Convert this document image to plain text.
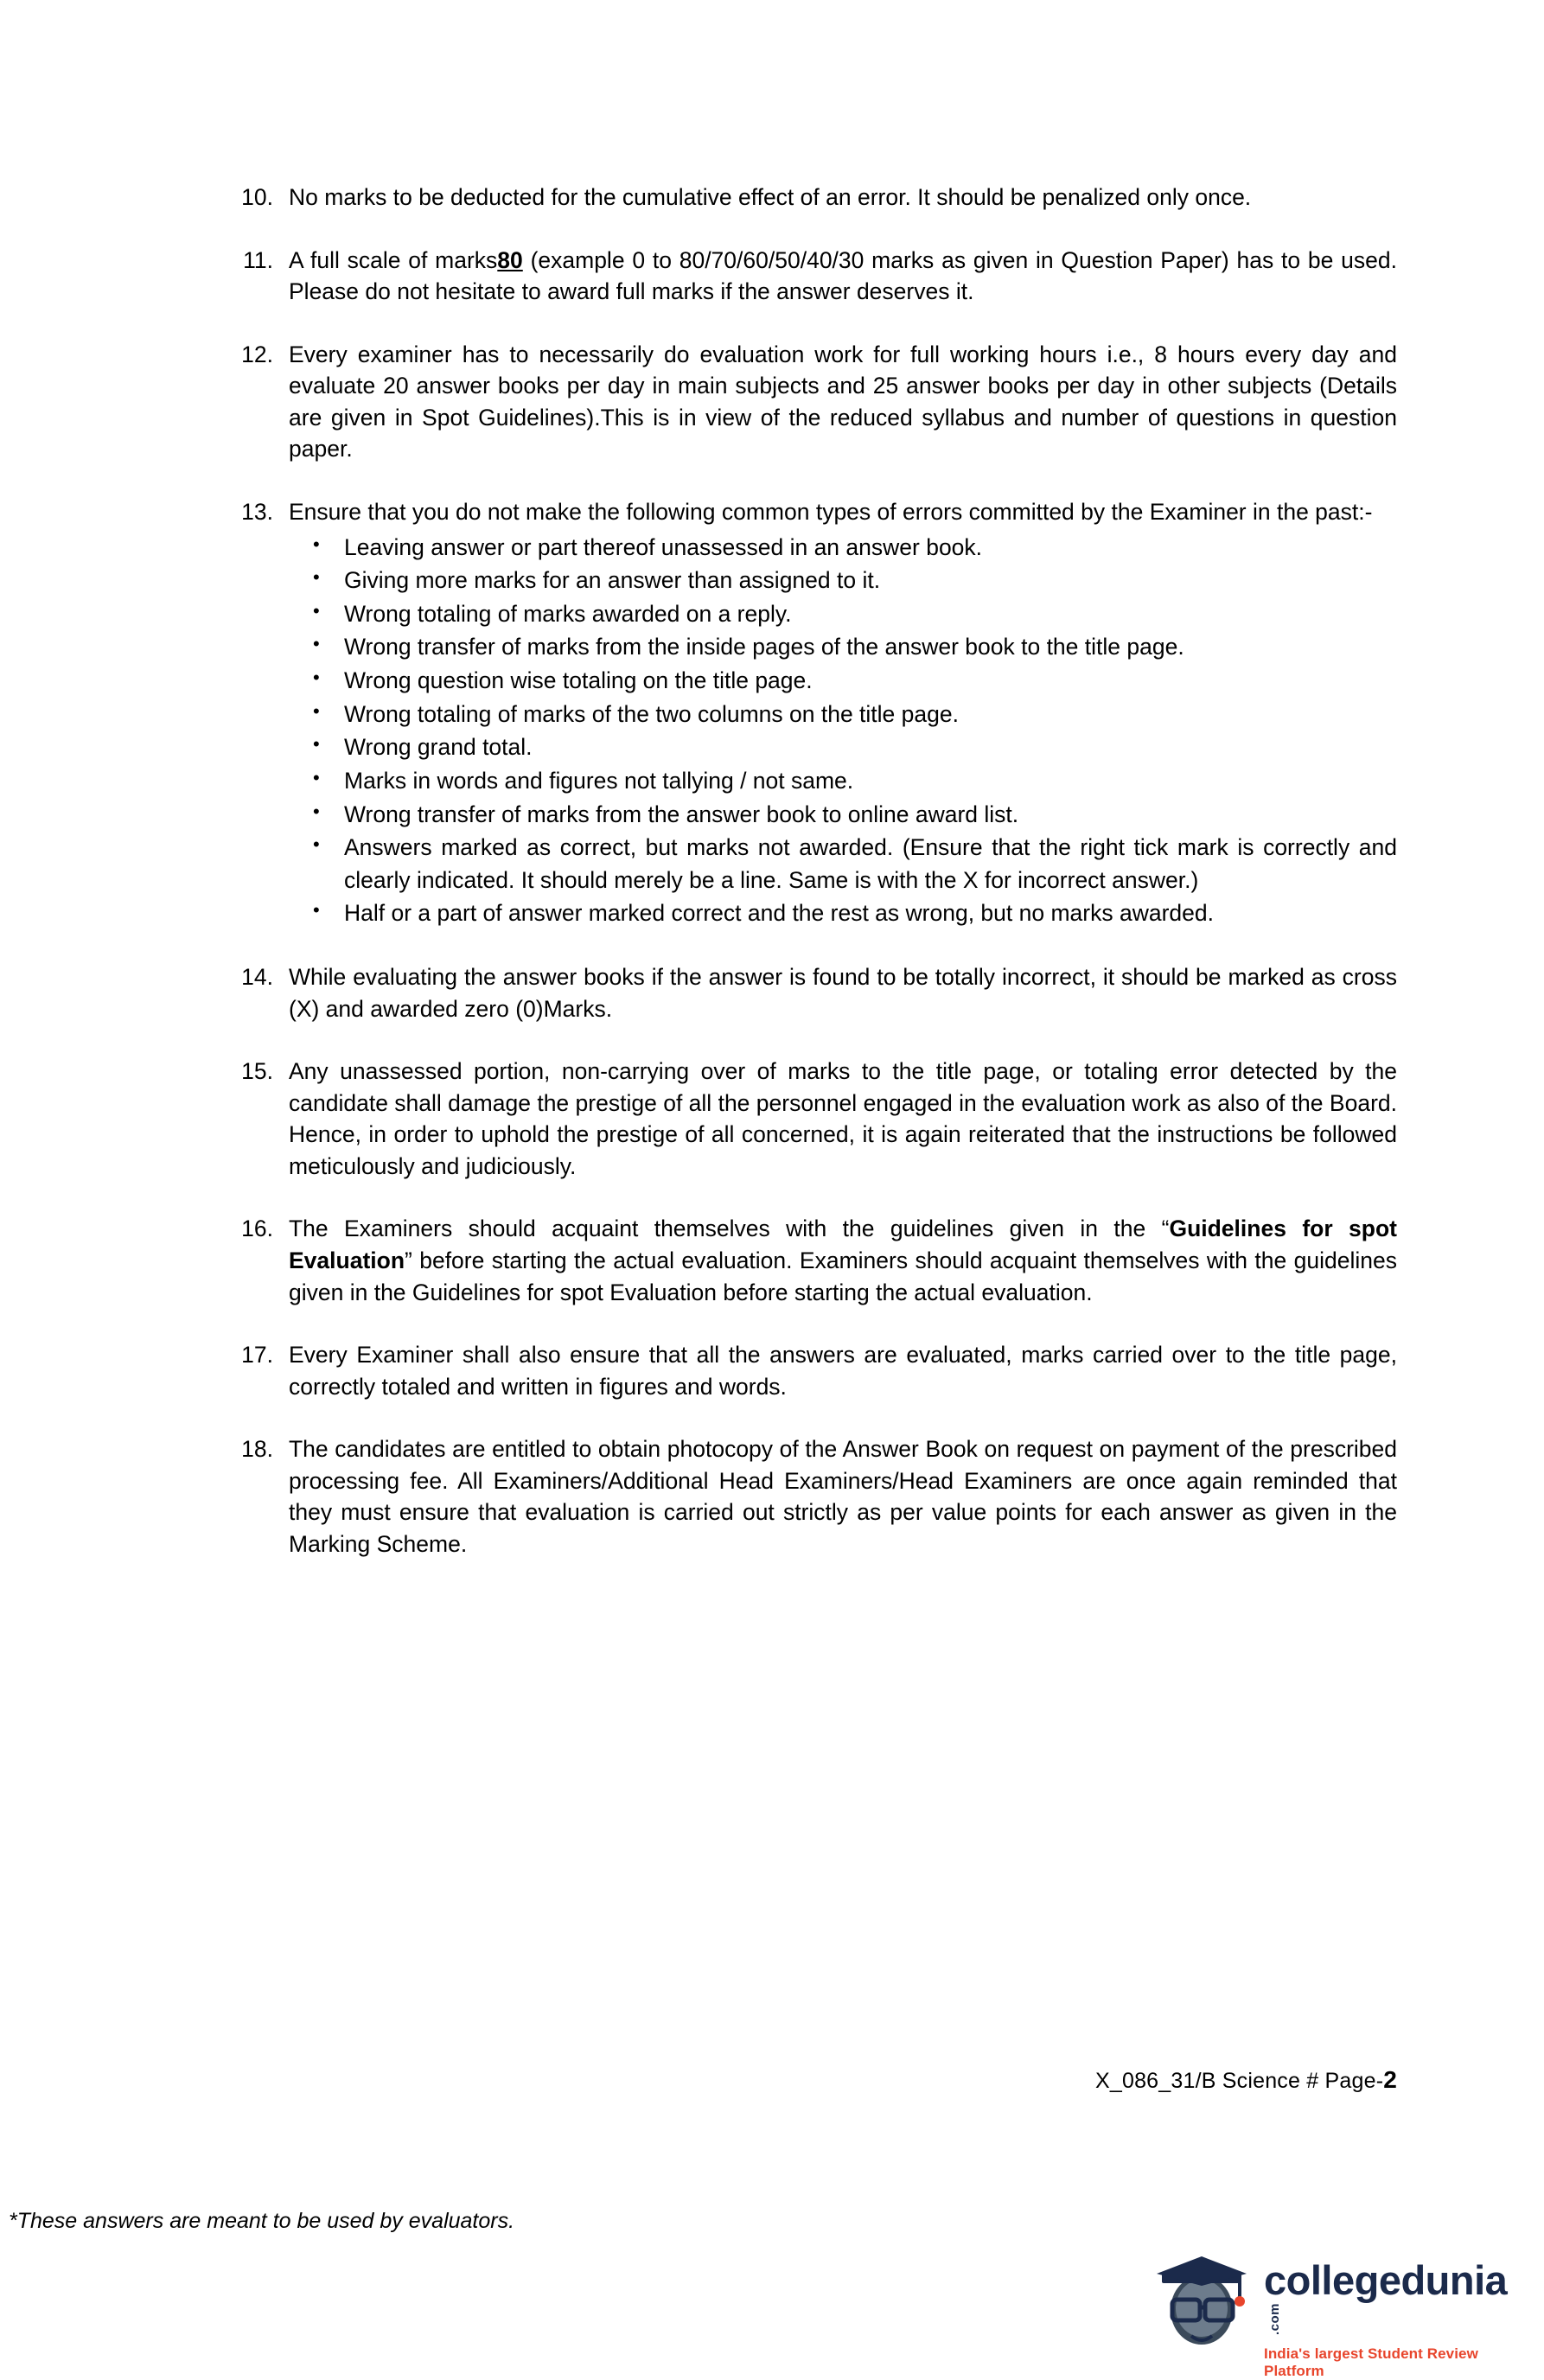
10. No marks to be deducted for the cumulative effect of an error. It should be penalized only once.
11. A full scale of marks80 (example 0 to 80/70/60/50/40/30 marks as given in Question Paper) has to be used. Please do not hesitate to award full marks if the answer deserves it.
12. Every examiner has to necessarily do evaluation work for full working hours i.e., 8 hours every day and evaluate 20 answer books per day in main subjects and 25 answer books per day in other subjects (Details are given in Spot Guidelines).This is in view of the reduced syllabus and number of questions in question paper.
13. Ensure that you do not make the following common types of errors committed by the Examiner in the past:-
• Leaving answer or part thereof unassessed in an answer book.
• Giving more marks for an answer than assigned to it.
• Wrong totaling of marks awarded on a reply.
• Wrong transfer of marks from the inside pages of the answer book to the title page.
• Wrong question wise totaling on the title page.
• Wrong totaling of marks of the two columns on the title page.
• Wrong grand total.
• Marks in words and figures not tallying / not same.
• Wrong transfer of marks from the answer book to online award list.
• Answers marked as correct, but marks not awarded. (Ensure that the right tick mark is correctly and clearly indicated. It should merely be a line. Same is with the X for incorrect answer.)
• Half or a part of answer marked correct and the rest as wrong, but no marks awarded.
14. While evaluating the answer books if the answer is found to be totally incorrect, it should be marked as cross (X) and awarded zero (0)Marks.
15. Any unassessed portion, non-carrying over of marks to the title page, or totaling error detected by the candidate shall damage the prestige of all the personnel engaged in the evaluation work as also of the Board. Hence, in order to uphold the prestige of all concerned, it is again reiterated that the instructions be followed meticulously and judiciously.
16. The Examiners should acquaint themselves with the guidelines given in the “Guidelines for spot Evaluation” before starting the actual evaluation. Examiners should acquaint themselves with the guidelines given in the Guidelines for spot Evaluation before starting the actual evaluation.
17. Every Examiner shall also ensure that all the answers are evaluated, marks carried over to the title page, correctly totaled and written in figures and words.
18. The candidates are entitled to obtain photocopy of the Answer Book on request on payment of the prescribed processing fee. All Examiners/Additional Head Examiners/Head Examiners are once again reminded that they must ensure that evaluation is carried out strictly as per value points for each answer as given in the Marking Scheme.
X_086_31/B Science # Page-2
*These answers are meant to be used by evaluators.
collegedunia.com
India's largest Student Review Platform
